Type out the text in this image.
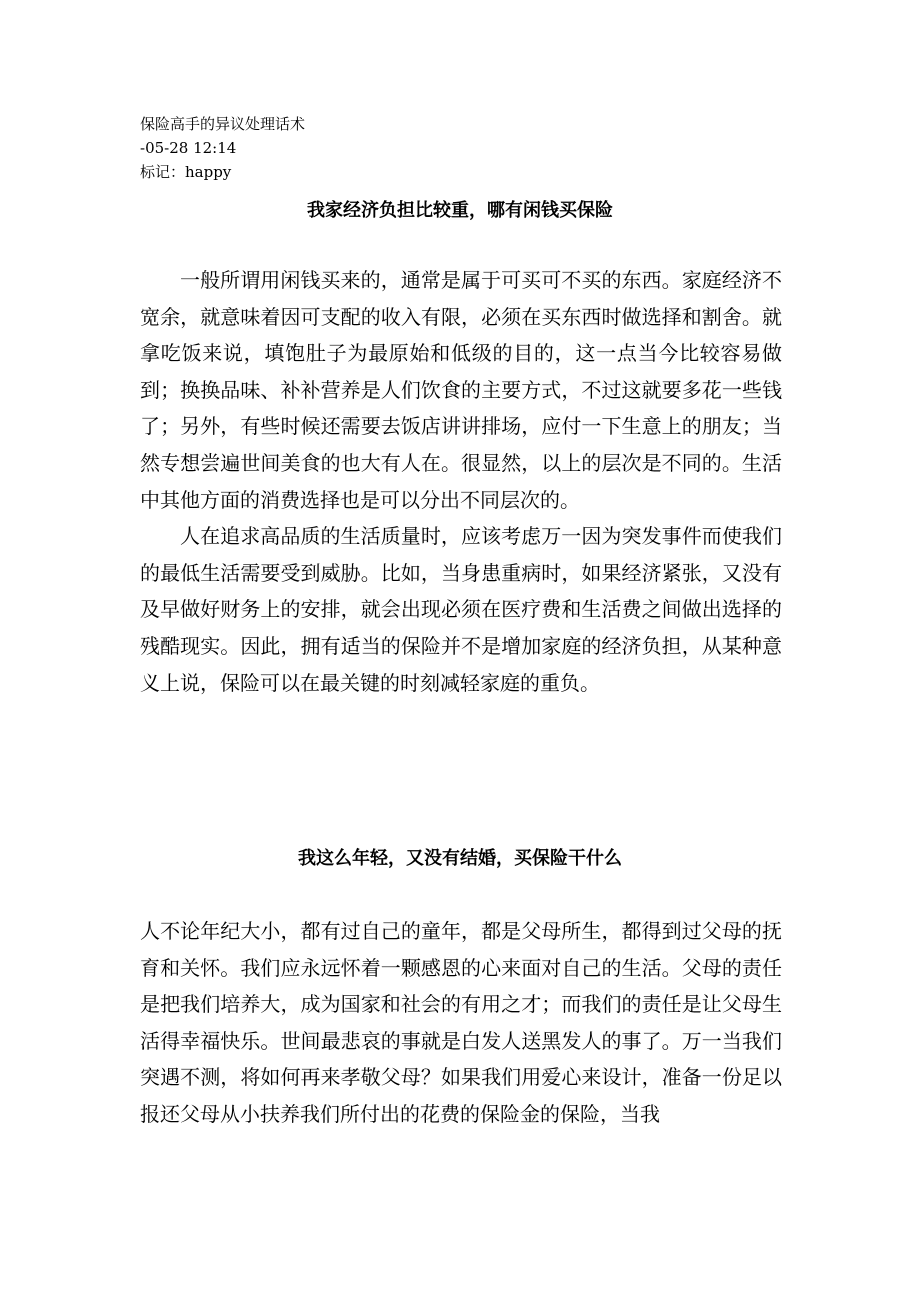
保险高手的异议处理话术
-05-28 12:14
标记：happy
我家经济负担比较重，哪有闲钱买保险

一般所谓用闲钱买来的，通常是属于可买可不买的东西。家庭经济不宽余，就意味着因可支配的收入有限，必须在买东西时做选择和割舍。就拿吃饭来说，填饱肚子为最原始和低级的目的，这一点当今比较容易做到；换换品味、补补营养是人们饮食的主要方式，不过这就要多花一些钱了；另外，有些时候还需要去饭店讲讲排场，应付一下生意上的朋友；当然专想尝遍世间美食的也大有人在。很显然，以上的层次是不同的。生活中其他方面的消费选择也是可以分出不同层次的。

人在追求高品质的生活质量时，应该考虑万一因为突发事件而使我们的最低生活需要受到威胁。比如，当身患重病时，如果经济紧张，又没有及早做好财务上的安排，就会出现必须在医疗费和生活费之间做出选择的残酷现实。因此，拥有适当的保险并不是增加家庭的经济负担，从某种意义上说，保险可以在最关键的时刻减轻家庭的重负。

我这么年轻，又没有结婚，买保险干什么

人不论年纪大小，都有过自己的童年，都是父母所生，都得到过父母的抚育和关怀。我们应永远怀着一颗感恩的心来面对自己的生活。父母的责任是把我们培养大，成为国家和社会的有用之才；而我们的责任是让父母生活得幸福快乐。世间最悲哀的事就是白发人送黑发人的事了。万一当我们突遇不测，将如何再来孝敬父母？如果我们用爱心来设计，准备一份足以报还父母从小扶养我们所付出的花费的保险金的保险，当我
